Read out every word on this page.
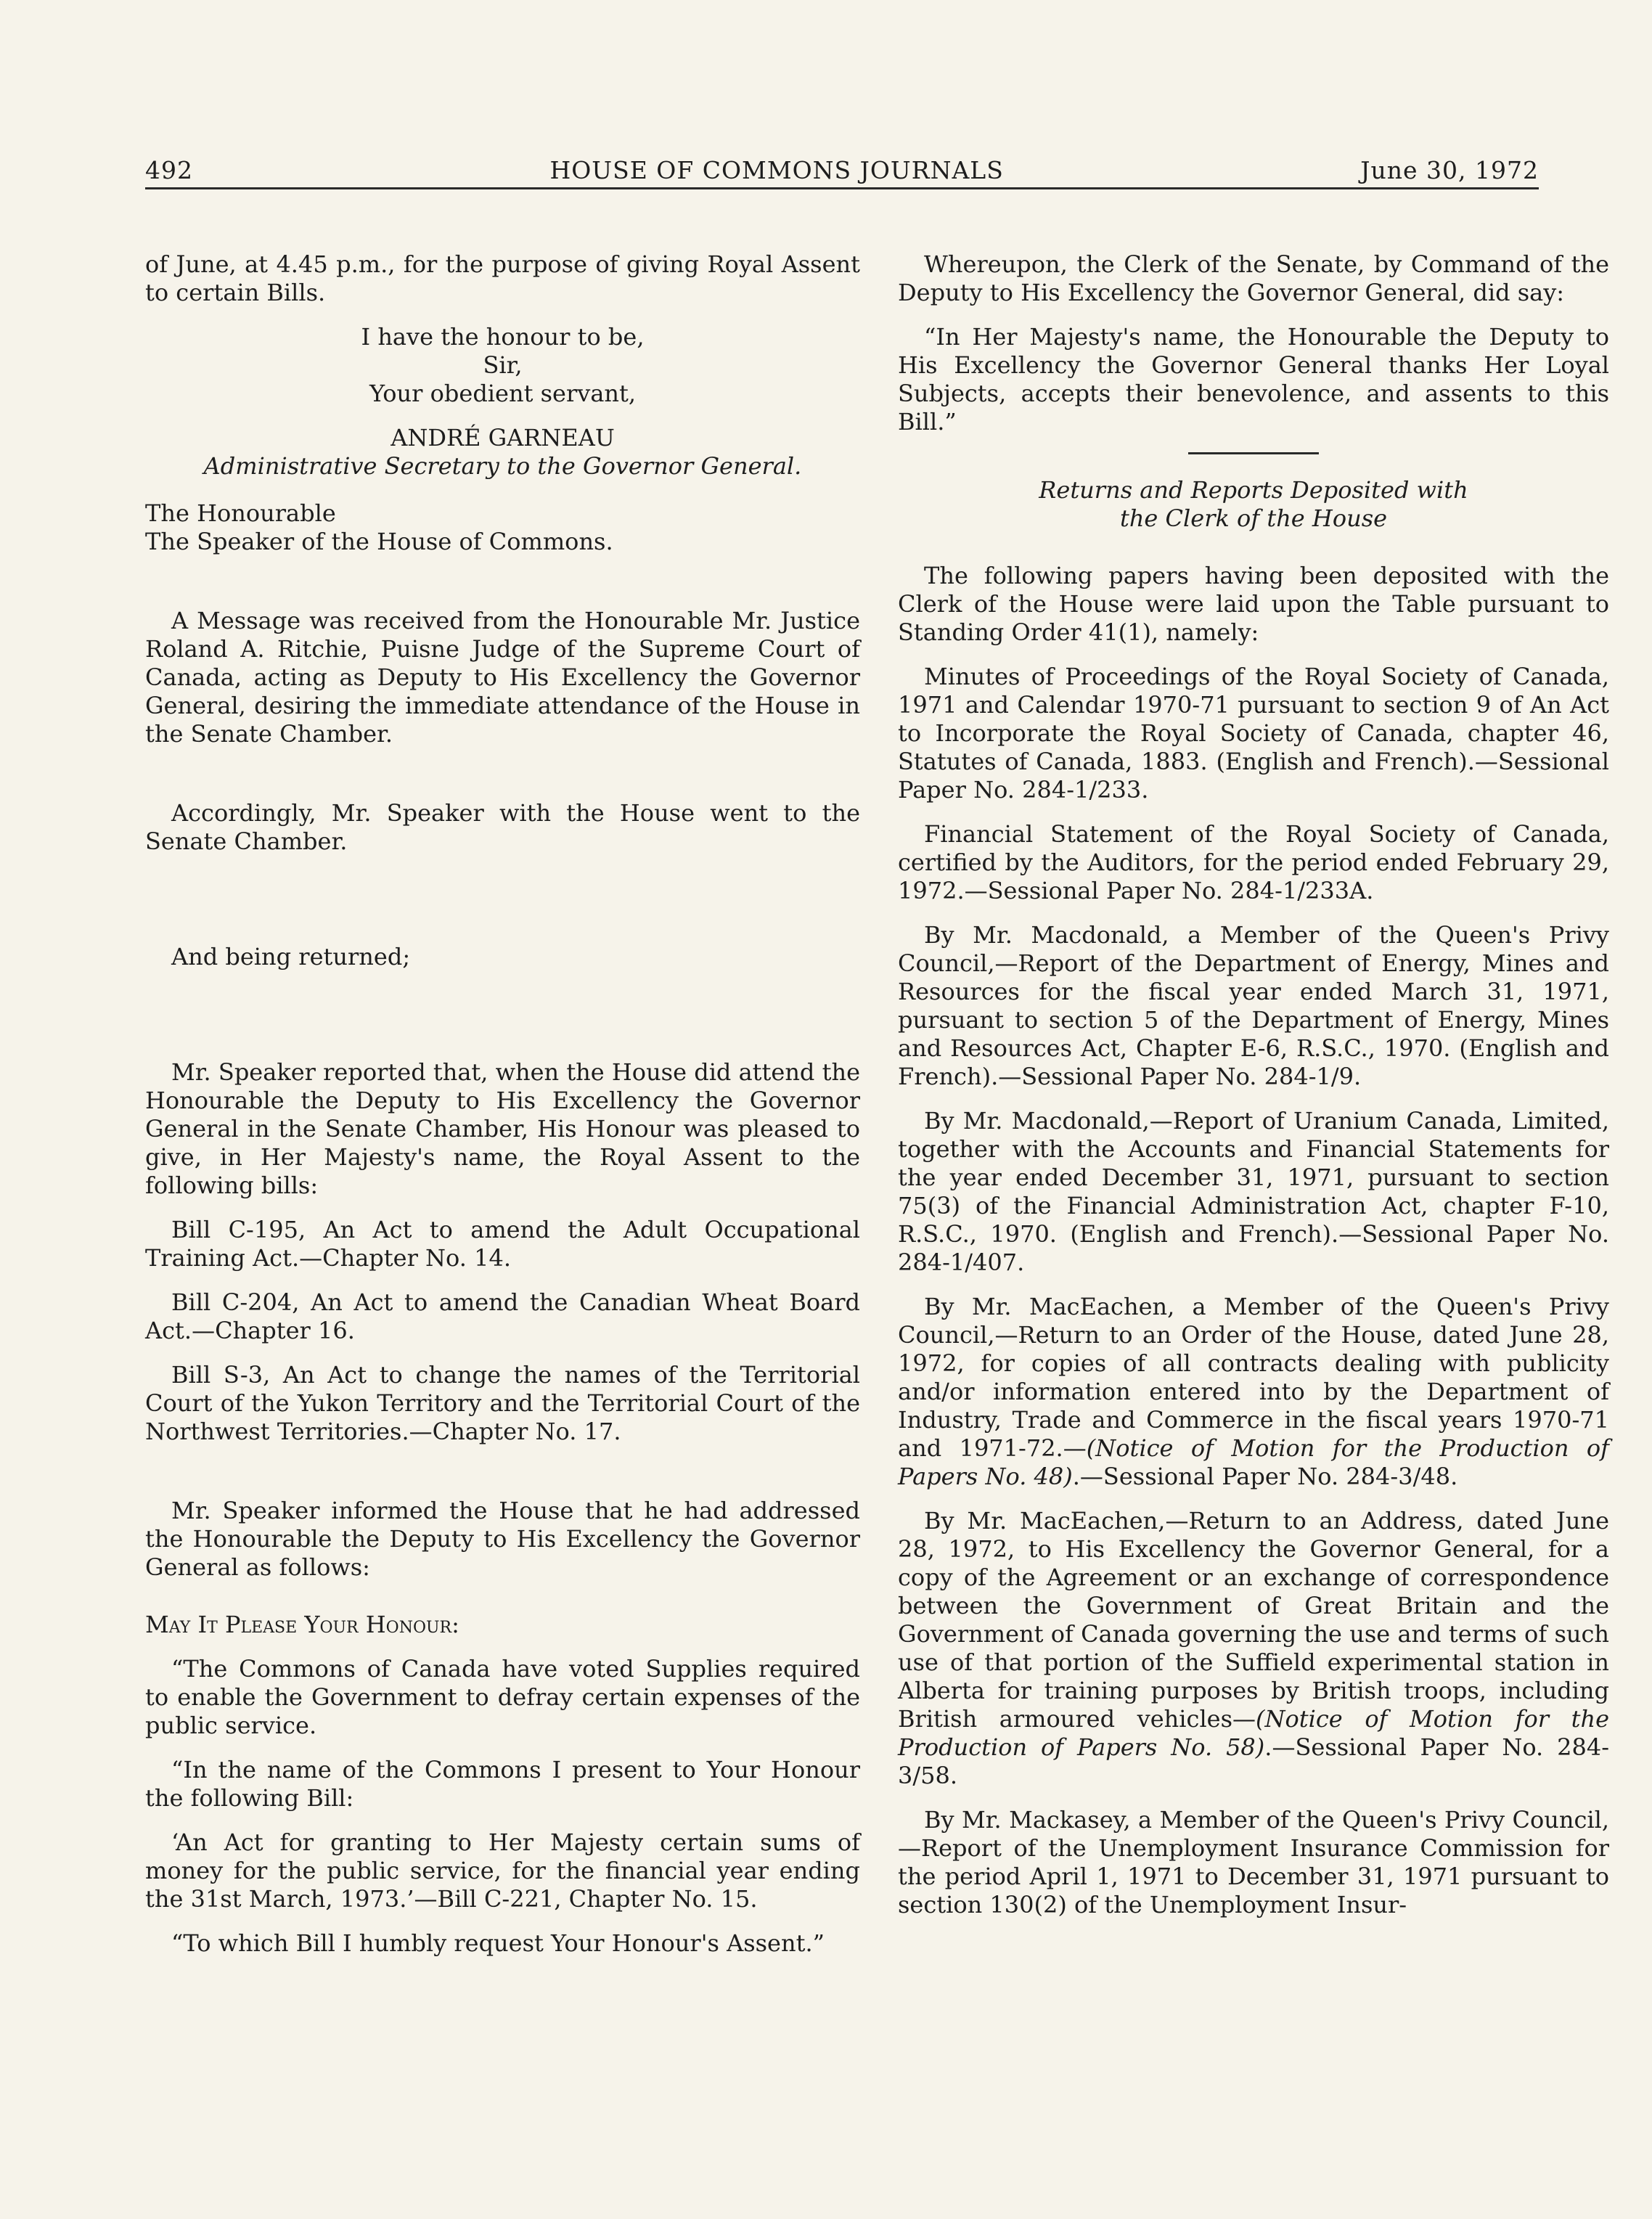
492	HOUSE OF COMMONS JOURNALS	June 30, 1972

of June, at 4.45 p.m., for the purpose of giving Royal Assent to certain Bills.

I have the honour to be,
Sir,
Your obedient servant,
ANDRÉ GARNEAU
Administrative Secretary to the Governor General.
The Honourable
The Speaker of the House of Commons.

A Message was received from the Honourable Mr. Justice Roland A. Ritchie, Puisne Judge of the Supreme Court of Canada, acting as Deputy to His Excellency the Governor General, desiring the immediate attendance of the House in the Senate Chamber.

Accordingly, Mr. Speaker with the House went to the Senate Chamber.

And being returned;

Mr. Speaker reported that, when the House did attend the Honourable the Deputy to His Excellency the Governor General in the Senate Chamber, His Honour was pleased to give, in Her Majesty's name, the Royal Assent to the following bills:

Bill C-195, An Act to amend the Adult Occupational Training Act.—Chapter No. 14.

Bill C-204, An Act to amend the Canadian Wheat Board Act.—Chapter 16.

Bill S-3, An Act to change the names of the Territorial Court of the Yukon Territory and the Territorial Court of the Northwest Territories.—Chapter No. 17.

Mr. Speaker informed the House that he had addressed the Honourable the Deputy to His Excellency the Governor General as follows:

May It Please Your Honour:

“The Commons of Canada have voted Supplies required to enable the Government to defray certain expenses of the public service.

“In the name of the Commons I present to Your Honour the following Bill:

‘An Act for granting to Her Majesty certain sums of money for the public service, for the financial year ending the 31st March, 1973.’—Bill C-221, Chapter No. 15.

“To which Bill I humbly request Your Honour's Assent.”

Whereupon, the Clerk of the Senate, by Command of the Deputy to His Excellency the Governor General, did say:

“In Her Majesty's name, the Honourable the Deputy to His Excellency the Governor General thanks Her Loyal Subjects, accepts their benevolence, and assents to this Bill.”

Returns and Reports Deposited with
the Clerk of the House

The following papers having been deposited with the Clerk of the House were laid upon the Table pursuant to Standing Order 41(1), namely:

Minutes of Proceedings of the Royal Society of Canada, 1971 and Calendar 1970-71 pursuant to section 9 of An Act to Incorporate the Royal Society of Canada, chapter 46, Statutes of Canada, 1883. (English and French).—Sessional Paper No. 284-1/233.

Financial Statement of the Royal Society of Canada, certified by the Auditors, for the period ended February 29, 1972.—Sessional Paper No. 284-1/233A.

By Mr. Macdonald, a Member of the Queen's Privy Council,—Report of the Department of Energy, Mines and Resources for the fiscal year ended March 31, 1971, pursuant to section 5 of the Department of Energy, Mines and Resources Act, Chapter E-6, R.S.C., 1970. (English and French).—Sessional Paper No. 284-1/9.

By Mr. Macdonald,—Report of Uranium Canada, Limited, together with the Accounts and Financial Statements for the year ended December 31, 1971, pursuant to section 75(3) of the Financial Administration Act, chapter F-10, R.S.C., 1970. (English and French).—Sessional Paper No. 284-1/407.

By Mr. MacEachen, a Member of the Queen's Privy Council,—Return to an Order of the House, dated June 28, 1972, for copies of all contracts dealing with publicity and/or information entered into by the Department of Industry, Trade and Commerce in the fiscal years 1970-71 and 1971-72.—(Notice of Motion for the Production of Papers No. 48).—Sessional Paper No. 284-3/48.

By Mr. MacEachen,—Return to an Address, dated June 28, 1972, to His Excellency the Governor General, for a copy of the Agreement or an exchange of correspondence between the Government of Great Britain and the Government of Canada governing the use and terms of such use of that portion of the Suffield experimental station in Alberta for training purposes by British troops, including British armoured vehicles—(Notice of Motion for the Production of Papers No. 58).—Sessional Paper No. 284-3/58.

By Mr. Mackasey, a Member of the Queen's Privy Council,—Report of the Unemployment Insurance Commission for the period April 1, 1971 to December 31, 1971 pursuant to section 130(2) of the Unemployment Insur-
